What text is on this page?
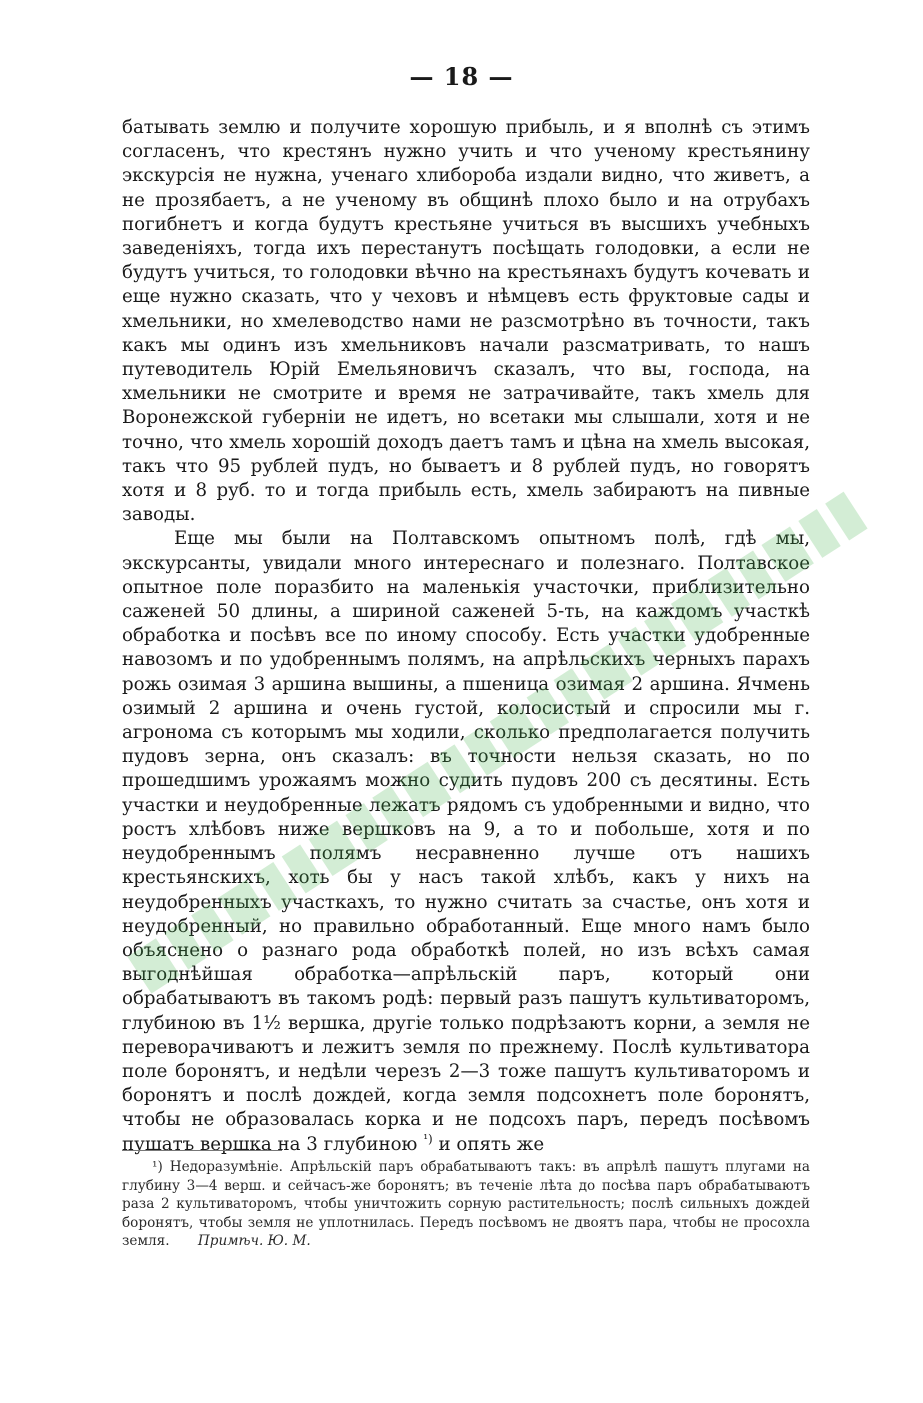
— 18 —

батывать землю и получите хорошую прибыль, и я вполнѣ съ этимъ согласенъ, что крестянъ нужно учить и что ученому крестьянину экскурсія не нужна, ученаго хлибороба издали видно, что живетъ, а не прозябаетъ, а не ученому въ общинѣ плохо было и на отрубахъ погибнетъ и когда будутъ крестьяне учиться въ высшихъ учебныхъ заведеніяхъ, тогда ихъ перестанутъ посѣщать голодовки, а если не будутъ учиться, то голодовки вѣчно на крестьянахъ будутъ кочевать и еще нужно сказать, что у чеховъ и нѣмцевъ есть фруктовые сады и хмельники, но хмелеводство нами не разсмотрѣно въ точности, такъ какъ мы одинъ изъ хмельниковъ начали разсматривать, то нашъ путеводитель Юрій Емельяновичъ сказалъ, что вы, господа, на хмельники не смотрите и время не затрачивайте, такъ хмель для Воронежской губерніи не идетъ, но всетаки мы слышали, хотя и не точно, что хмель хорошій доходъ даетъ тамъ и цѣна на хмель высокая, такъ что 95 рублей пудъ, но бываетъ и 8 рублей пудъ, но говорятъ хотя и 8 руб. то и тогда прибыль есть, хмель забираютъ на пивные заводы.

Еще мы были на Полтавскомъ опытномъ полѣ, гдѣ мы, экскурсанты, увидали много интереснаго и полезнаго. Полтавское опытное поле поразбито на маленькія участочки, приблизительно саженей 50 длины, а шириной саженей 5-ть, на каждомъ участкѣ обработка и посѣвъ все по иному способу. Есть участки удобренные навозомъ и по удобреннымъ полямъ, на апрѣльскихъ черныхъ парахъ рожь озимая 3 аршина вышины, а пшеница озимая 2 аршина. Ячмень озимый 2 аршина и очень густой, колосистый и спросили мы г. агронома съ которымъ мы ходили, сколько предполагается получить пудовъ зерна, онъ сказалъ: въ точности нельзя сказать, но по прошедшимъ урожаямъ можно судить пудовъ 200 съ десятины. Есть участки и неудобренные лежатъ рядомъ съ удобренными и видно, что ростъ хлѣбовъ ниже вершковъ на 9, а то и побольше, хотя и по неудобреннымъ полямъ несравненно лучше отъ нашихъ крестьянскихъ, хоть бы у насъ такой хлѣбъ, какъ у нихъ на неудобренныхъ участкахъ, то нужно считать за счастье, онъ хотя и неудобренный, но правильно обработанный. Еще много намъ было объяснено о разнаго рода обработкѣ полей, но изъ всѣхъ самая выгоднѣйшая обработка—апрѣльскій паръ, который они обрабатываютъ въ такомъ родѣ: первый разъ пашутъ культиваторомъ, глубиною въ 1½ вершка, другіе только подрѣзаютъ корни, а земля не переворачиваютъ и лежитъ земля по прежнему. Послѣ культиватора поле боронятъ, и недѣли черезъ 2—3 тоже пашутъ культиваторомъ и боронятъ и послѣ дождей, когда земля подсохнетъ поле боронятъ, чтобы не образовалась корка и не подсохъ паръ, передъ посѣвомъ пушатъ вершка на 3 глубиною $^{^1)}$ и опять же

¹) Недоразумѣніе. Апрѣльскій паръ обрабатываютъ такъ: въ апрѣлѣ пашутъ плугами на глубину 3—4 верш. и сейчасъ-же боронятъ; въ теченіе лѣта до посѣва паръ обрабатываютъ раза 2 культиваторомъ, чтобы уничтожить сорную растительность; послѣ сильныхъ дождей боронятъ, чтобы земля не уплотнилась. Передъ посѣвомъ не двоятъ пара, чтобы не просохла земля. Примѣч. Ю. М.
